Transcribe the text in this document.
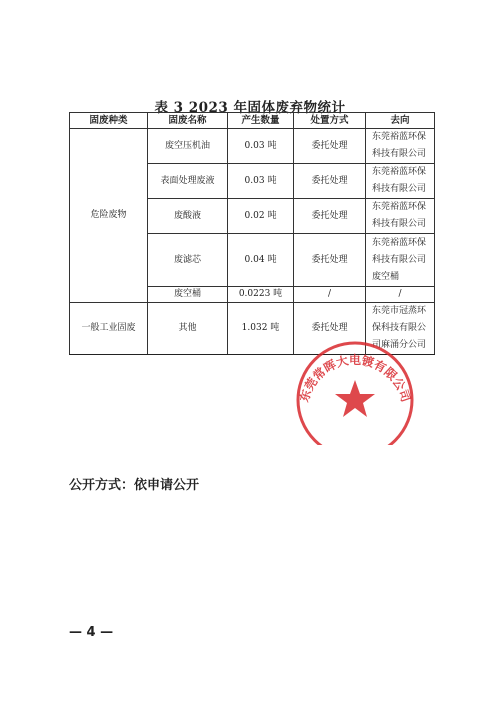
表 3 2023 年固体废弃物统计
固废种类	固废名称	产生数量	处置方式	去向
危险废物	废空压机油	0.03 吨	委托处理	东莞裕蓝环保科技有限公司
	表面处理废液	0.03 吨	委托处理	东莞裕蓝环保科技有限公司
	废酸液	0.02 吨	委托处理	东莞裕蓝环保科技有限公司
	废滤芯	0.04 吨	委托处理	东莞裕蓝环保科技有限公司废空桶
	废空桶	0.0223 吨	/	/
一般工业固废	其他	1.032 吨	委托处理	东莞市冠蒸环保科技有限公司麻涌分公司
东莞常晖大电镀有限公司
公开方式：依申请公开
— 4 —
